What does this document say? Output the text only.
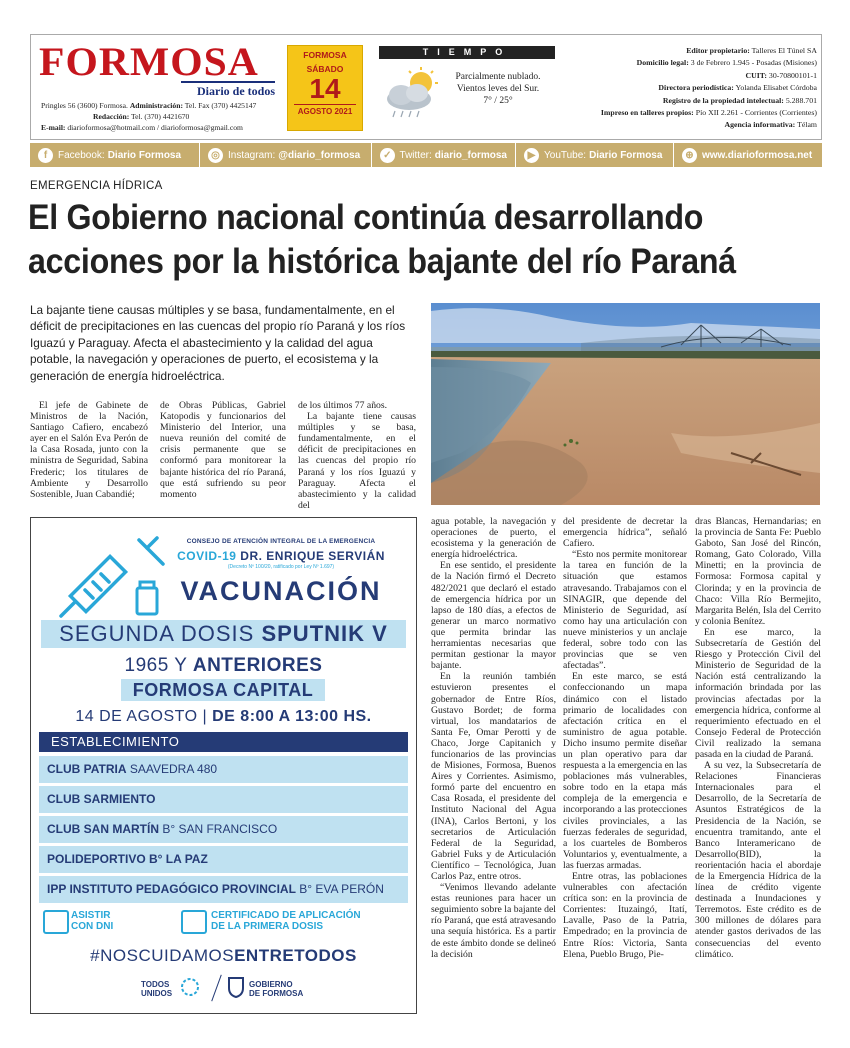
FORMOSA
Diario de todos
Pringles 56 (3600) Formosa. Administración: Tel. Fax (370) 4425147
Redacción: Tel. (370) 4421670
E-mail: diarioformosa@hotmail.com / diarioformosa@gmail.com
FORMOSA
SÁBADO
14
AGOSTO 2021
TIEMPO
Parcialmente nublado.
Vientos leves del Sur.
7° / 25°
Editor propietario: Talleres El Túnel SA
Domicilio legal: 3 de Febrero 1.945 - Posadas (Misiones)
CUIT: 30-70800101-1
Directora periodística: Yolanda Elisabet Córdoba
Registro de la propiedad intelectual: 5.288.701
Impreso en talleres propios: Pío XII 2.261 - Corrientes (Corrientes)
Agencia informativa: Télam
f	Facebook: Diario Formosa	◎ Instagram: @diario_formosa	✓ Twitter: diario_formosa	▶ YouTube: Diario Formosa	⊕ www.diarioformosa.net
EMERGENCIA HÍDRICA
El Gobierno nacional continúa desarrollando acciones por la histórica bajante del río Paraná
La bajante tiene causas múltiples y se basa, fundamentalmente, en el déficit de precipitaciones en las cuencas del propio río Paraná y los ríos Iguazú y Paraguay. Afecta el abastecimiento y la calidad del agua potable, la navegación y operaciones de puerto, el ecosistema y la generación de energía hidroeléctrica.

El jefe de Gabinete de Ministros de la Nación, Santiago Cafiero, encabezó ayer en el Salón Eva Perón de la Casa Rosada, junto con la ministra de Seguridad, Sabina Frederic; los titulares de Ambiente y Desarrollo Sostenible, Juan Cabandié;

de Obras Públicas, Gabriel Katopodis y funcionarios del Ministerio del Interior, una nueva reunión del comité de crisis permanente que se conformó para monitorear la bajante histórica del río Paraná, que está sufriendo su peor momento

de los últimos 77 años.

La bajante tiene causas múltiples y se basa, fundamentalmente, en el déficit de precipitaciones en las cuencas del propio río Paraná y los ríos Iguazú y Paraguay. Afecta el abastecimiento y la calidad del

agua potable, la navegación y operaciones de puerto, el ecosistema y la generación de energía hidroeléctrica.

En ese sentido, el presidente de la Nación firmó el Decreto 482/2021 que declaró el estado de emergencia hídrica por un lapso de 180 días, a efectos de generar un marco normativo que permita brindar las herramientas necesarias que permitan gestionar la mayor bajante.

En la reunión también estuvieron presentes el gobernador de Entre Ríos, Gustavo Bordet; de forma virtual, los mandatarios de Santa Fe, Omar Perotti y de Chaco, Jorge Capitanich y funcionarios de las provincias de Misiones, Formosa, Buenos Aires y Corrientes. Asimismo, formó parte del encuentro en Casa Rosada, el presidente del Instituto Nacional del Agua (INA), Carlos Bertoni, y los secretarios de Articulación Federal de la Seguridad, Gabriel Fuks y de Articulación Científico – Tecnológica, Juan Carlos Paz, entre otros.

“Venimos llevando adelante estas reuniones para hacer un seguimiento sobre la bajante del río Paraná, que está atravesando una sequía histórica. Es a partir de este ámbito donde se delineó la decisión

del presidente de decretar la emergencia hídrica”, señaló Cafiero.

“Esto nos permite monitorear la tarea en función de la situación que estamos atravesando. Trabajamos con el SINAGIR, que depende del Ministerio de Seguridad, así como hay una articulación con nueve ministerios y un anclaje federal, sobre todo con las provincias que se ven afectadas”.

En este marco, se está confeccionando un mapa dinámico con el listado primario de localidades con afectación crítica en el suministro de agua potable. Dicho insumo permite diseñar un plan operativo para dar respuesta a la emergencia en las poblaciones más vulnerables, sobre todo en la etapa más compleja de la emergencia e incorporando a las protecciones civiles provinciales, a las fuerzas federales de seguridad, a los cuarteles de Bomberos Voluntarios y, eventualmente, a las fuerzas armadas.

Entre otras, las poblaciones vulnerables con afectación crítica son: en la provincia de Corrientes: Ituzaingó, Itatí, Lavalle, Paso de la Patria, Empedrado; en la provincia de Entre Ríos: Victoria, Santa Elena, Pueblo Brugo, Pie-

dras Blancas, Hernandarias; en la provincia de Santa Fe: Pueblo Gaboto, San José del Rincón, Romang, Gato Colorado, Villa Minetti; en la provincia de Formosa: Formosa capital y Clorinda; y en la provincia de Chaco: Villa Río Bermejito, Margarita Belén, Isla del Cerrito y colonia Benítez.

En ese marco, la Subsecretaría de Gestión del Riesgo y Protección Civil del Ministerio de Seguridad de la Nación está centralizando la información brindada por las provincias afectadas por la emergencia hídrica, conforme al requerimiento efectuado en el Consejo Federal de Protección Civil realizado la semana pasada en la ciudad de Paraná.

A su vez, la Subsecretaría de Relaciones Financieras Internacionales para el Desarrollo, de la Secretaría de Asuntos Estratégicos de la Presidencia de la Nación, se encuentra tramitando, ante el Banco Interamericano de Desarrollo(BID), la reorientación hacia el abordaje de la Emergencia Hídrica de la línea de crédito vigente destinada a Inundaciones y Terremotos. Este crédito es de 300 millones de dólares para atender gastos derivados de las consecuencias del evento climático.

CONSEJO DE ATENCIÓN INTEGRAL DE LA EMERGENCIA
COVID-19 DR. ENRIQUE SERVIÁN
(Decreto Nº 100/20, ratificado por Ley Nº 1.697)
VACUNACIÓN
SEGUNDA DOSIS SPUTNIK V
1965 Y ANTERIORES
FORMOSA CAPITAL
14 DE AGOSTO | DE 8:00 A 13:00 HS.
ESTABLECIMIENTO
CLUB PATRIA SAAVEDRA 480
CLUB SARMIENTO
CLUB SAN MARTÍN B° SAN FRANCISCO
POLIDEPORTIVO B° LA PAZ
IPP INSTITUTO PEDAGÓGICO PROVINCIAL B° EVA PERÓN
ASISTIR
CON DNI
CERTIFICADO DE APLICACIÓN
DE LA PRIMERA DOSIS
#NOSCUIDAMOSENTRETODOS
TODOS
UNIDOS
GOBIERNO
DE FORMOSA
